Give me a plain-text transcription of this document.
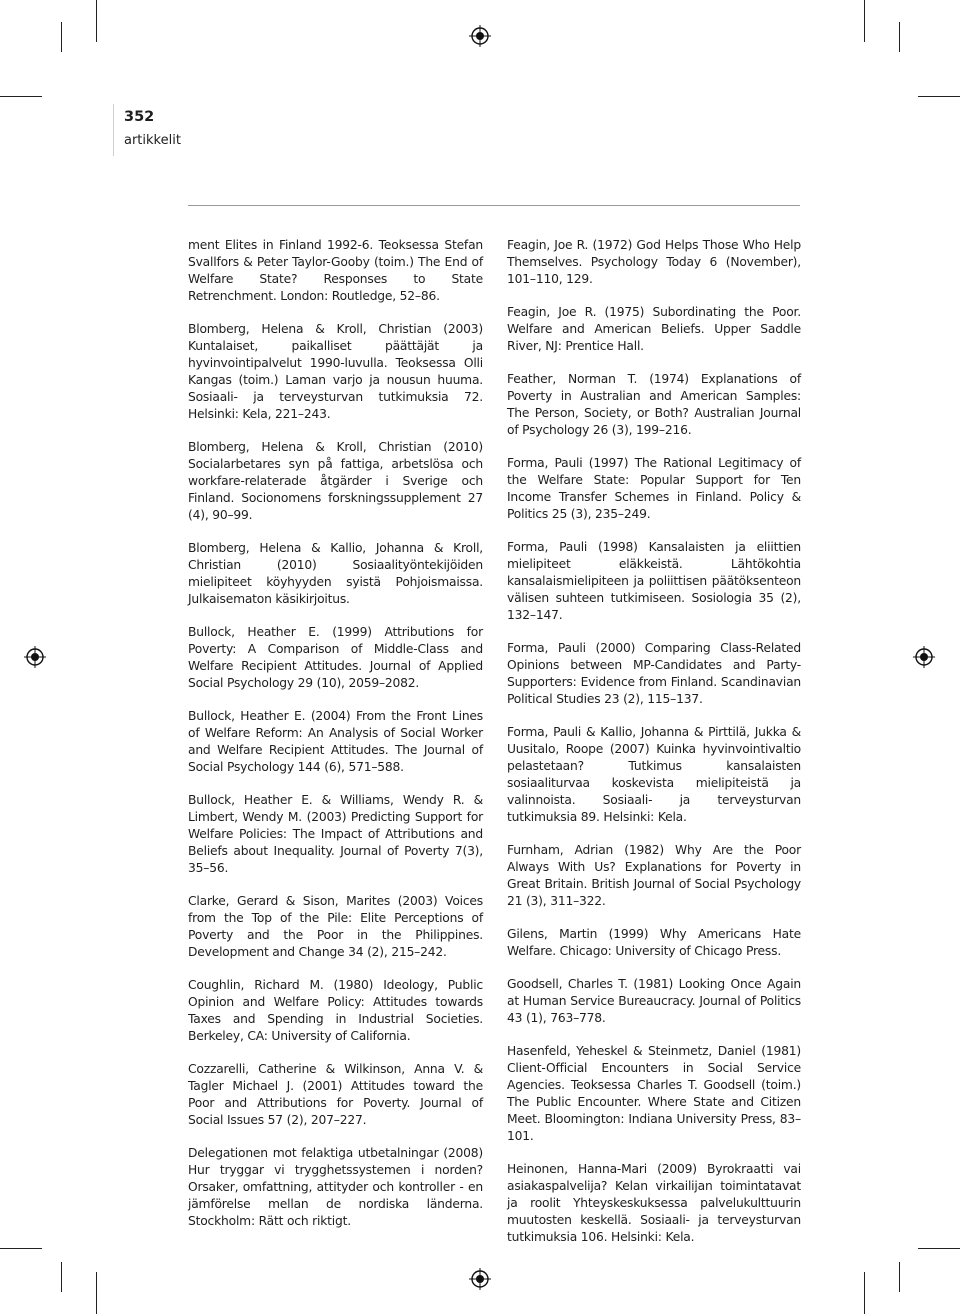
352
artikkelit

ment Elites in Finland 1992-6. Teoksessa Stefan Svallfors & Peter Taylor-Gooby (toim.) The End of Welfare State? Responses to State Retrenchment. London: Routledge, 52–86.

Blomberg, Helena & Kroll, Christian (2003) Kuntalaiset, paikalliset päättäjät ja hyvinvointipalvelut 1990-luvulla. Teoksessa Olli Kangas (toim.) Laman varjo ja nousun huuma. Sosiaali- ja terveysturvan tutkimuksia 72. Helsinki: Kela, 221–243.

Blomberg, Helena & Kroll, Christian (2010) Socialarbetares syn på fattiga, arbetslösa och workfare-relaterade åtgärder i Sverige och Finland. Socionomens forskningssupplement 27 (4), 90–99.

Blomberg, Helena & Kallio, Johanna & Kroll, Christian (2010) Sosiaalityöntekijöiden mielipiteet köyhyyden syistä Pohjoismaissa. Julkaisematon käsikirjoitus.

Bullock, Heather E. (1999) Attributions for Poverty: A Comparison of Middle-Class and Welfare Recipient Attitudes. Journal of Applied Social Psychology 29 (10), 2059–2082.

Bullock, Heather E. (2004) From the Front Lines of Welfare Reform: An Analysis of Social Worker and Welfare Recipient Attitudes. The Journal of Social Psychology 144 (6), 571–588.

Bullock, Heather E. & Williams, Wendy R. & Limbert, Wendy M. (2003) Predicting Support for Welfare Policies: The Impact of Attributions and Beliefs about Inequality. Journal of Poverty 7(3), 35–56.

Clarke, Gerard & Sison, Marites (2003) Voices from the Top of the Pile: Elite Perceptions of Poverty and the Poor in the Philippines. Development and Change 34 (2), 215–242.

Coughlin, Richard M. (1980) Ideology, Public Opinion and Welfare Policy: Attitudes towards Taxes and Spending in Industrial Societies. Berkeley, CA: University of California.

Cozzarelli, Catherine & Wilkinson, Anna V. & Tagler Michael J. (2001) Attitudes toward the Poor and Attributions for Poverty. Journal of Social Issues 57 (2), 207–227.

Delegationen mot felaktiga utbetalningar (2008) Hur tryggar vi trygghetssystemen i norden? Orsaker, omfattning, attityder och kontroller - en jämförelse mellan de nordiska länderna. Stockholm: Rätt och riktigt.

Feagin, Joe R. (1972) God Helps Those Who Help Themselves. Psychology Today 6 (November), 101–110, 129.

Feagin, Joe R. (1975) Subordinating the Poor. Welfare and American Beliefs. Upper Saddle River, NJ: Prentice Hall.

Feather, Norman T. (1974) Explanations of Poverty in Australian and American Samples: The Person, Society, or Both? Australian Journal of Psychology 26 (3), 199–216.

Forma, Pauli (1997) The Rational Legitimacy of the Welfare State: Popular Support for Ten Income Transfer Schemes in Finland. Policy & Politics 25 (3), 235–249.

Forma, Pauli (1998) Kansalaisten ja eliittien mielipiteet eläkkeistä. Lähtökohtia kansalaismielipiteen ja poliittisen päätöksenteon välisen suhteen tutkimiseen. Sosiologia 35 (2), 132–147.

Forma, Pauli (2000) Comparing Class-Related Opinions between MP-Candidates and Party-Supporters: Evidence from Finland. Scandinavian Political Studies 23 (2), 115–137.

Forma, Pauli & Kallio, Johanna & Pirttilä, Jukka & Uusitalo, Roope (2007) Kuinka hyvinvointivaltio pelastetaan? Tutkimus kansalaisten sosiaaliturvaa koskevista mielipiteistä ja valinnoista. Sosiaali- ja terveysturvan tutkimuksia 89. Helsinki: Kela.

Furnham, Adrian (1982) Why Are the Poor Always With Us? Explanations for Poverty in Great Britain. British Journal of Social Psychology 21 (3), 311–322.

Gilens, Martin (1999) Why Americans Hate Welfare. Chicago: University of Chicago Press.

Goodsell, Charles T. (1981) Looking Once Again at Human Service Bureaucracy. Journal of Politics 43 (1), 763–778.

Hasenfeld, Yeheskel & Steinmetz, Daniel (1981) Client-Official Encounters in Social Service Agencies. Teoksessa Charles T. Goodsell (toim.) The Public Encounter. Where State and Citizen Meet. Bloomington: Indiana University Press, 83–101.

Heinonen, Hanna-Mari (2009) Byrokraatti vai asiakaspalvelija? Kelan virkailijan toimintatavat ja roolit Yhteyskeskuksessa palvelukulttuurin muutosten keskellä. Sosiaali- ja terveysturvan tutkimuksia 106. Helsinki: Kela.
